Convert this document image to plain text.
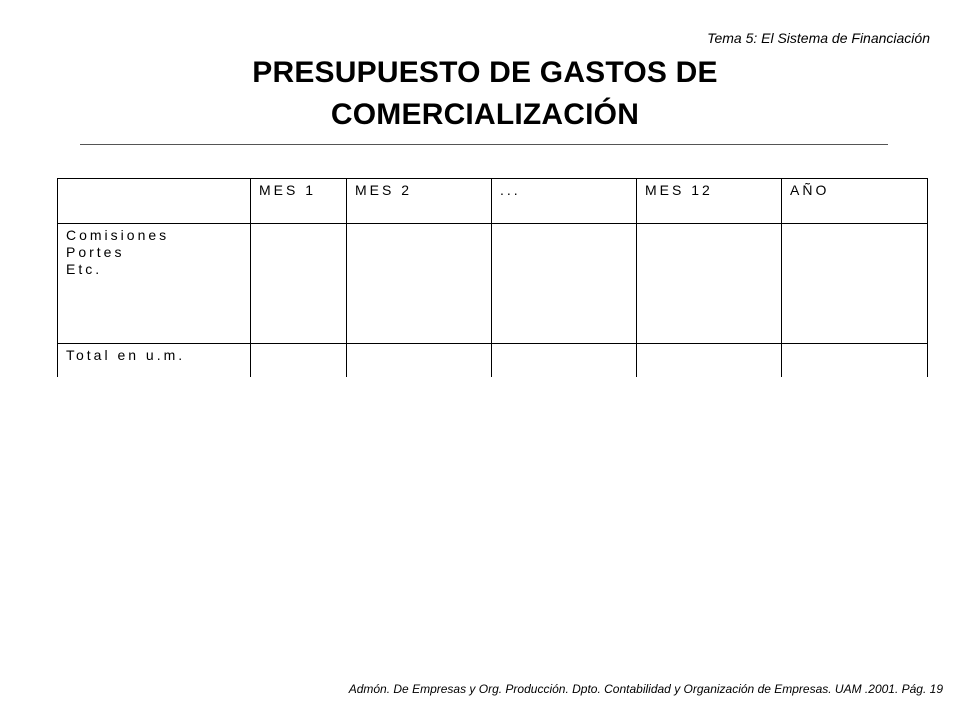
Tema 5: El Sistema de Financiación
PRESUPUESTO DE GASTOS DE
COMERCIALIZACIÓN
	MES 1	MES 2	...	MES 12	AÑO

Comisiones
Portes
Etc.					

Total en u.m.					
Admón. De Empresas y Org. Producción. Dpto. Contabilidad y Organización de Empresas. UAM .2001. Pág. 19
